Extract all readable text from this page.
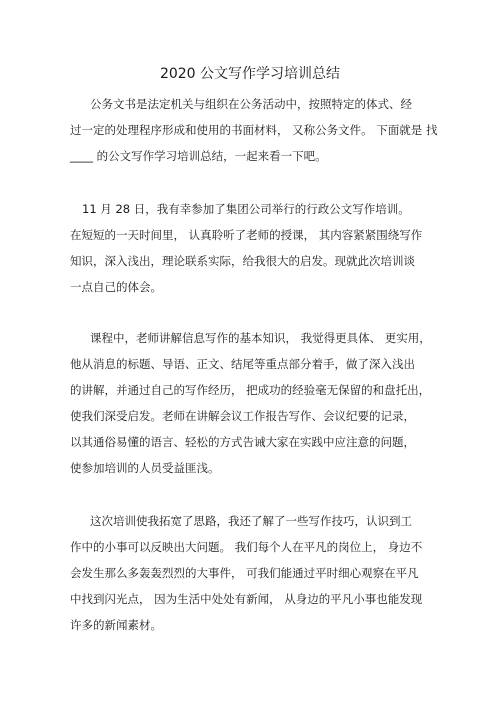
2020 公文写作学习培训总结
公务文书是法定机关与组织在公务活动中，按照特定的体式、经
过一定的处理程序形成和使用的书面材料， 又称公务文件。 下面就是 找
____ 的公文写作学习培训总结，一起来看一下吧。
11 月 28 日，我有幸参加了集团公司举行的行政公文写作培训。
在短短的一天时间里， 认真聆听了老师的授课， 其内容紧紧围绕写作
知识，深入浅出，理论联系实际，给我很大的启发。现就此次培训谈
一点自己的体会。
课程中，老师讲解信息写作的基本知识， 我觉得更具体、 更实用，
他从消息的标题、导语、正文、结尾等重点部分着手，做了深入浅出
的讲解，并通过自己的写作经历， 把成功的经验毫无保留的和盘托出，
使我们深受启发。老师在讲解会议工作报告写作、会议纪要的记录，
以其通俗易懂的语言、轻松的方式告诫大家在实践中应注意的问题，
使参加培训的人员受益匪浅。
这次培训使我拓宽了思路，我还了解了一些写作技巧，认识到工
作中的小事可以反映出大问题。 我们每个人在平凡的岗位上， 身边不
会发生那么多轰轰烈烈的大事件， 可我们能通过平时细心观察在平凡
中找到闪光点， 因为生活中处处有新闻， 从身边的平凡小事也能发现
许多的新闻素材。
